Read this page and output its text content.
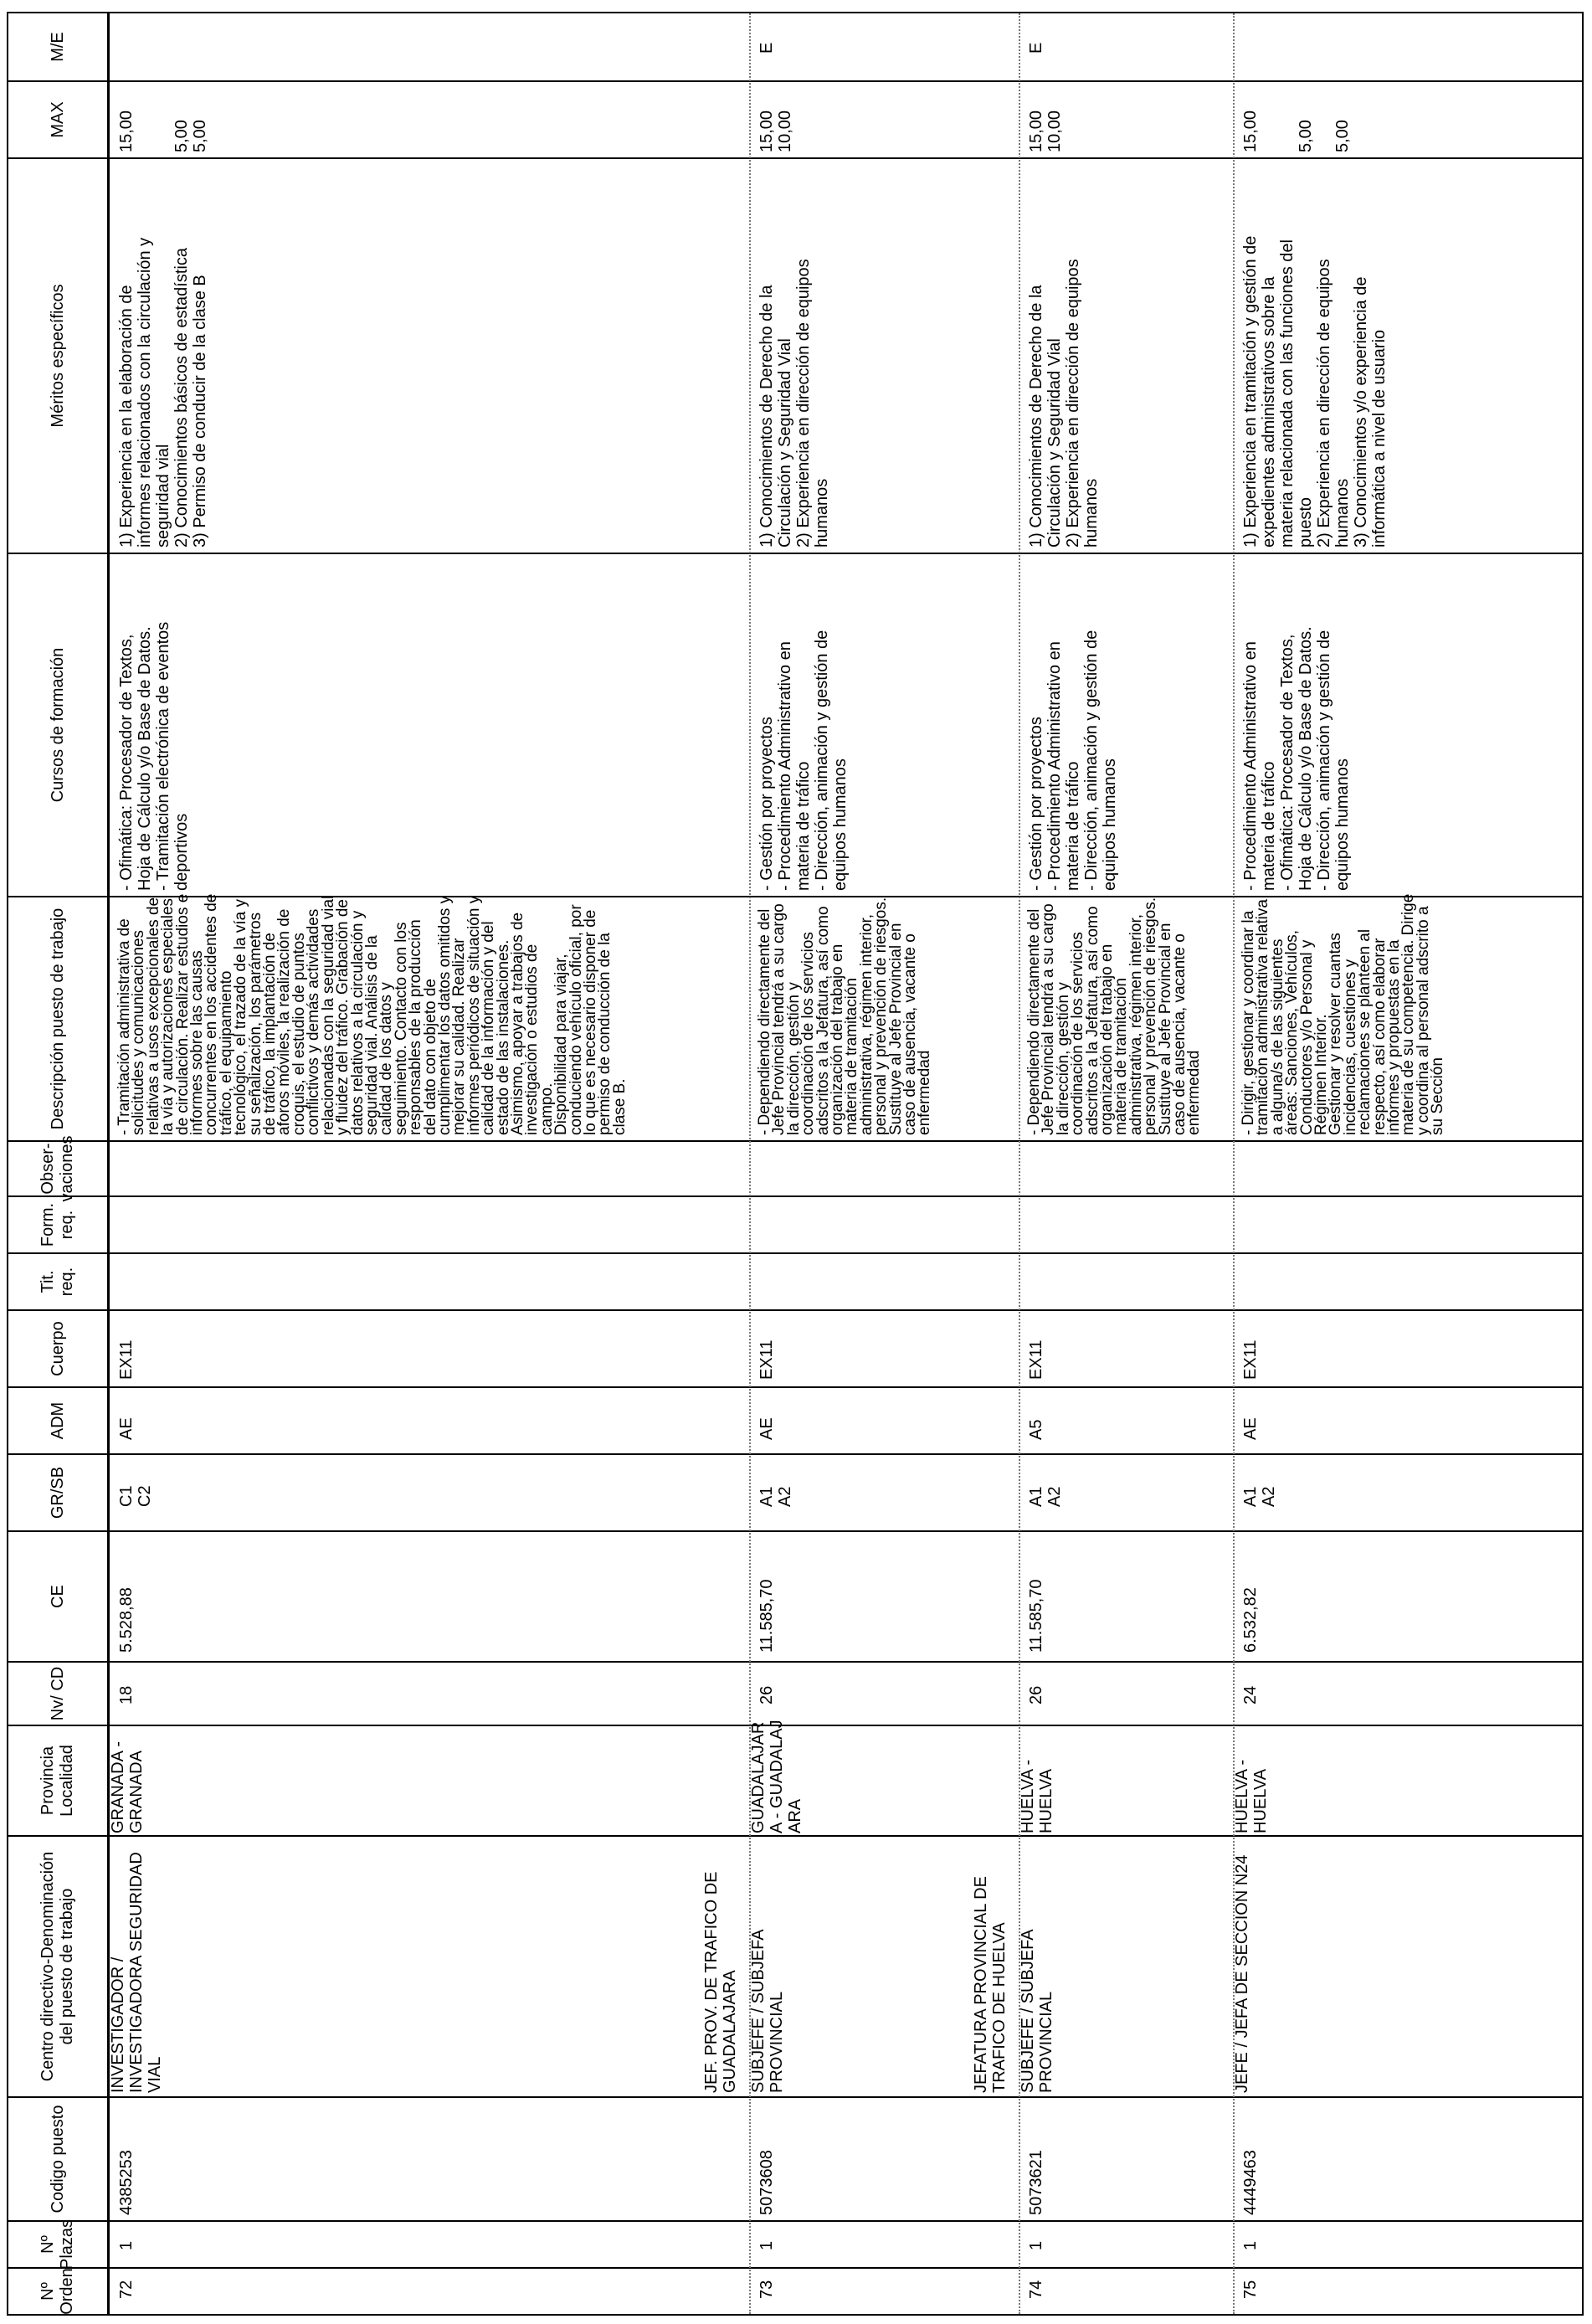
Nº Orden
Nº Plazas
Codigo puesto
Centro directivo-Denominación del puesto de trabajo
Provincia Localidad
Nv/ CD
CE
GR/SB
ADM
Cuerpo
Tit. req.
Form. req.
Obser-vaciones
Descripción puesto de trabajo
Cursos de formación
Méritos específicos
MAX
M/E
72
1
4385253
INVESTIGADOR /
INVESTIGADORA SEGURIDAD
VIAL
GRANADA -
GRANADA
18
5.528,88
C1
C2
AE
EX11
- Tramitación administrativa de
solicitudes y comunicaciones
relativas a usos excepcionales de
la vía y autorizaciones especiales
de circulación. Realizar estudios e
informes sobre las causas
concurrentes en los accidentes de
tráfico, el equipamiento
tecnológico, el trazado de la vía y
su señalización, los parámetros
de tráfico, la implantación de
aforos móviles, la realización de
croquis, el estudio de puntos
conflictivos y demás actividades
relacionadas con la seguridad vial
y fluidez del tráfico. Grabación de
datos relativos a la circulación y
seguridad vial. Análisis de la
calidad de los datos y
seguimiento. Contacto con los
responsables de la producción
del dato con objeto de
cumplimentar los datos omitidos y
mejorar su calidad. Realizar
informes periódicos de situación y
calidad de la información y del
estado de las instalaciones.
Asimismo, apoyar a trabajos de
investigación o estudios de
campo.
Disponibilidad para viajar,
conduciendo vehículo oficial, por
lo que es necesario disponer de
permiso de conducción de la
clase B.
- Ofimática: Procesador de Textos,
Hoja de Cálculo y/o Base de Datos.
- Tramitación electrónica de eventos
deportivos
1) Experiencia en la elaboración de
informes relacionados con la circulación y
seguridad vial
2) Conocimientos básicos de estadística
3) Permiso de conducir de la clase B
15,00

5,00
5,00
JEF. PROV. DE TRAFICO DE
GUADALAJARA
73
1
5073608
SUBJEFE / SUBJEFA
PROVINCIAL
GUADALAJAR
A - GUADALAJ
ARA
26
11.585,70
A1
A2
AE
EX11
- Dependiendo directamente del
Jefe Provincial tendrá a su cargo
la dirección, gestión y
coordinación de los servicios
adscritos a la Jefatura, así como
organización del trabajo en
materia de tramitación
administrativa, régimen interior,
personal y prevención de riesgos.
Sustituye al Jefe Provincial en
caso de ausencia, vacante o
enfermedad
- Gestión por proyectos
- Procedimiento Administrativo en
materia de tráfico
- Dirección, animación y gestión de
equipos humanos
1) Conocimientos de Derecho de la
Circulación y Seguridad Vial
2) Experiencia en dirección de equipos
humanos
15,00
10,00
E
JEFATURA PROVINCIAL DE
TRAFICO DE HUELVA
74
1
5073621
SUBJEFE / SUBJEFA
PROVINCIAL
HUELVA -
HUELVA
26
11.585,70
A1
A2
A5
EX11
- Dependiendo directamente del
Jefe Provincial tendrá a su cargo
la dirección, gestión y
coordinación de los servicios
adscritos a la Jefatura, así como
organización del trabajo en
materia de tramitación
administrativa, régimen interior,
personal y prevención de riesgos.
Sustituye al Jefe Provincial en
caso de ausencia, vacante o
enfermedad
- Gestión por proyectos
- Procedimiento Administrativo en
materia de tráfico
- Dirección, animación y gestión de
equipos humanos
1) Conocimientos de Derecho de la
Circulación y Seguridad Vial
2) Experiencia en dirección de equipos
humanos
15,00
10,00
E
75
1
4449463
JEFE / JEFA DE SECCION N24
HUELVA -
HUELVA
24
6.532,82
A1
A2
AE
EX11
- Dirigir, gestionar y coordinar la
tramitación administrativa relativa
a alguna/s de las siguientes
áreas: Sanciones, Vehículos,
Conductores y/o Personal y
Régimen Interior.
Gestionar y resolver cuantas
incidencias, cuestiones y
reclamaciones se planteen al
respecto, así como elaborar
informes y propuestas en la
materia de su competencia. Dirige
y coordina al personal adscrito a
su Sección
- Procedimiento Administrativo en
materia de tráfico
- Ofimática: Procesador de Textos,
Hoja de Cálculo y/o Base de Datos.
- Dirección, animación y gestión de
equipos humanos
1) Experiencia en tramitación y gestión de
expedientes administrativos sobre la
materia relacionada con las funciones del
puesto
2) Experiencia en dirección de equipos
humanos
3) Conocimientos y/o experiencia de
informática a nivel de usuario
15,00

5,00

5,00
